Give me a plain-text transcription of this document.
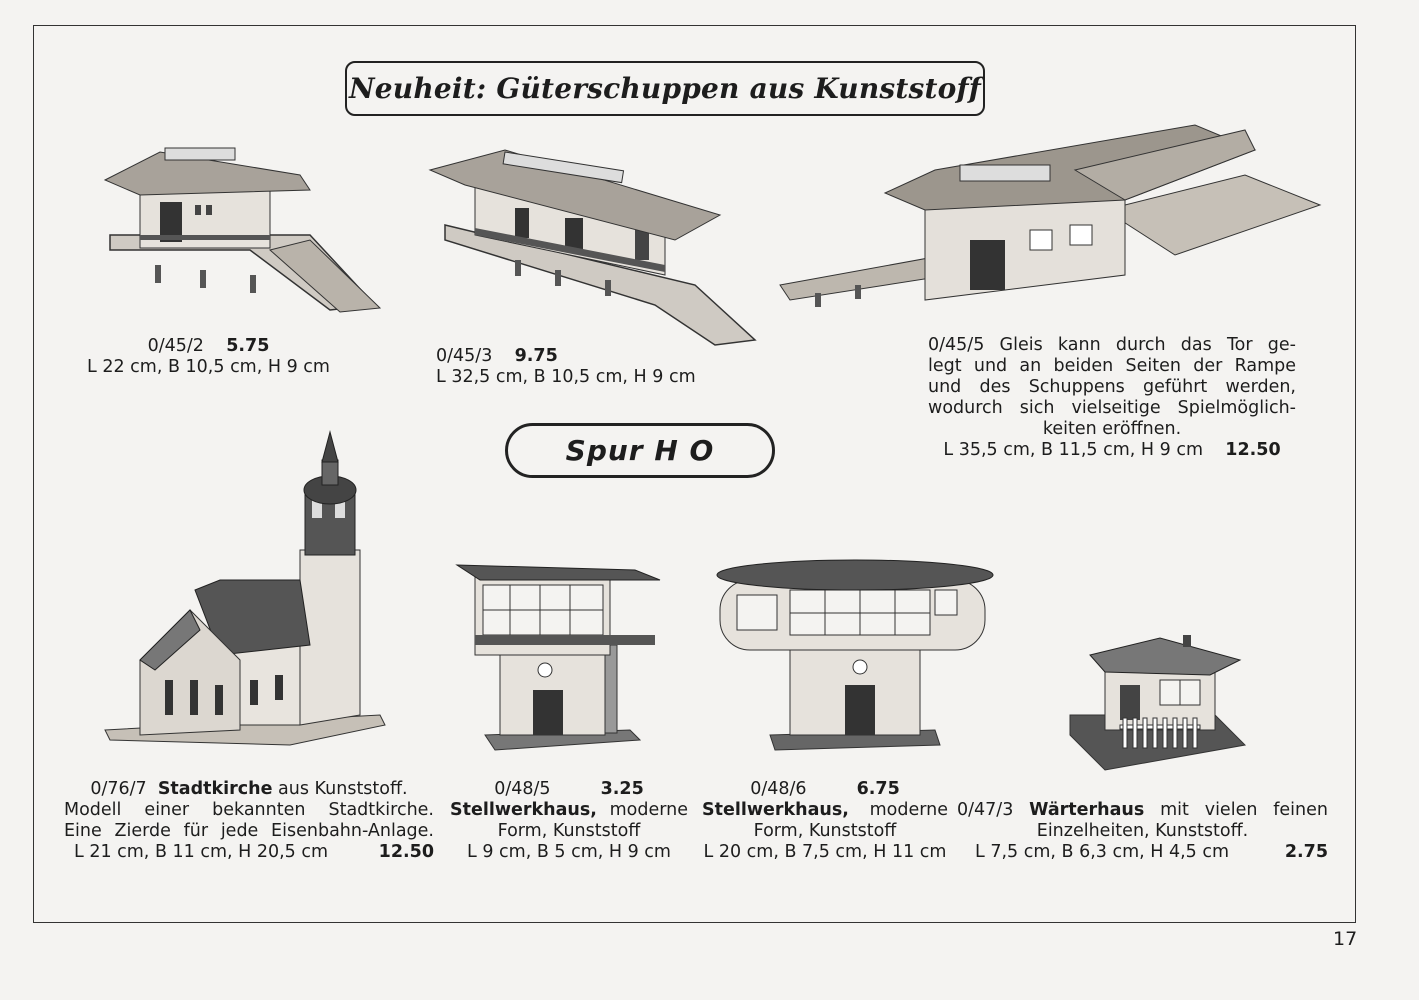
Neuheit: Güterschuppen aus Kunststoff
0/45/2 5.75
L 22 cm, B 10,5 cm, H 9 cm
0/45/3 9.75
L 32,5 cm, B 10,5 cm, H 9 cm
0/45/5 Gleis kann durch das Tor ge-
legt und an beiden Seiten der Rampe
und des Schuppens geführt werden,
wodurch sich vielseitige Spielmöglich-
keiten eröffnen.
L 35,5 cm, B 11,5 cm, H 9 cm 12.50
Spur H O
0/76/7 Stadtkirche aus Kunststoff.
Modell einer bekannten Stadtkirche.
Eine Zierde für jede Eisenbahn-Anlage.
L 21 cm, B 11 cm, H 20,5 cm	12.50
0/48/5	3.25
Stellwerkhaus, moderne
Form, Kunststoff
L 9 cm, B 5 cm, H 9 cm
0/48/6	6.75
Stellwerkhaus, moderne
Form, Kunststoff
L 20 cm, B 7,5 cm, H 11 cm
0/47/3 Wärterhaus mit vielen feinen
Einzelheiten, Kunststoff.
L 7,5 cm, B 6,3 cm, H 4,5 cm	2.75
17
